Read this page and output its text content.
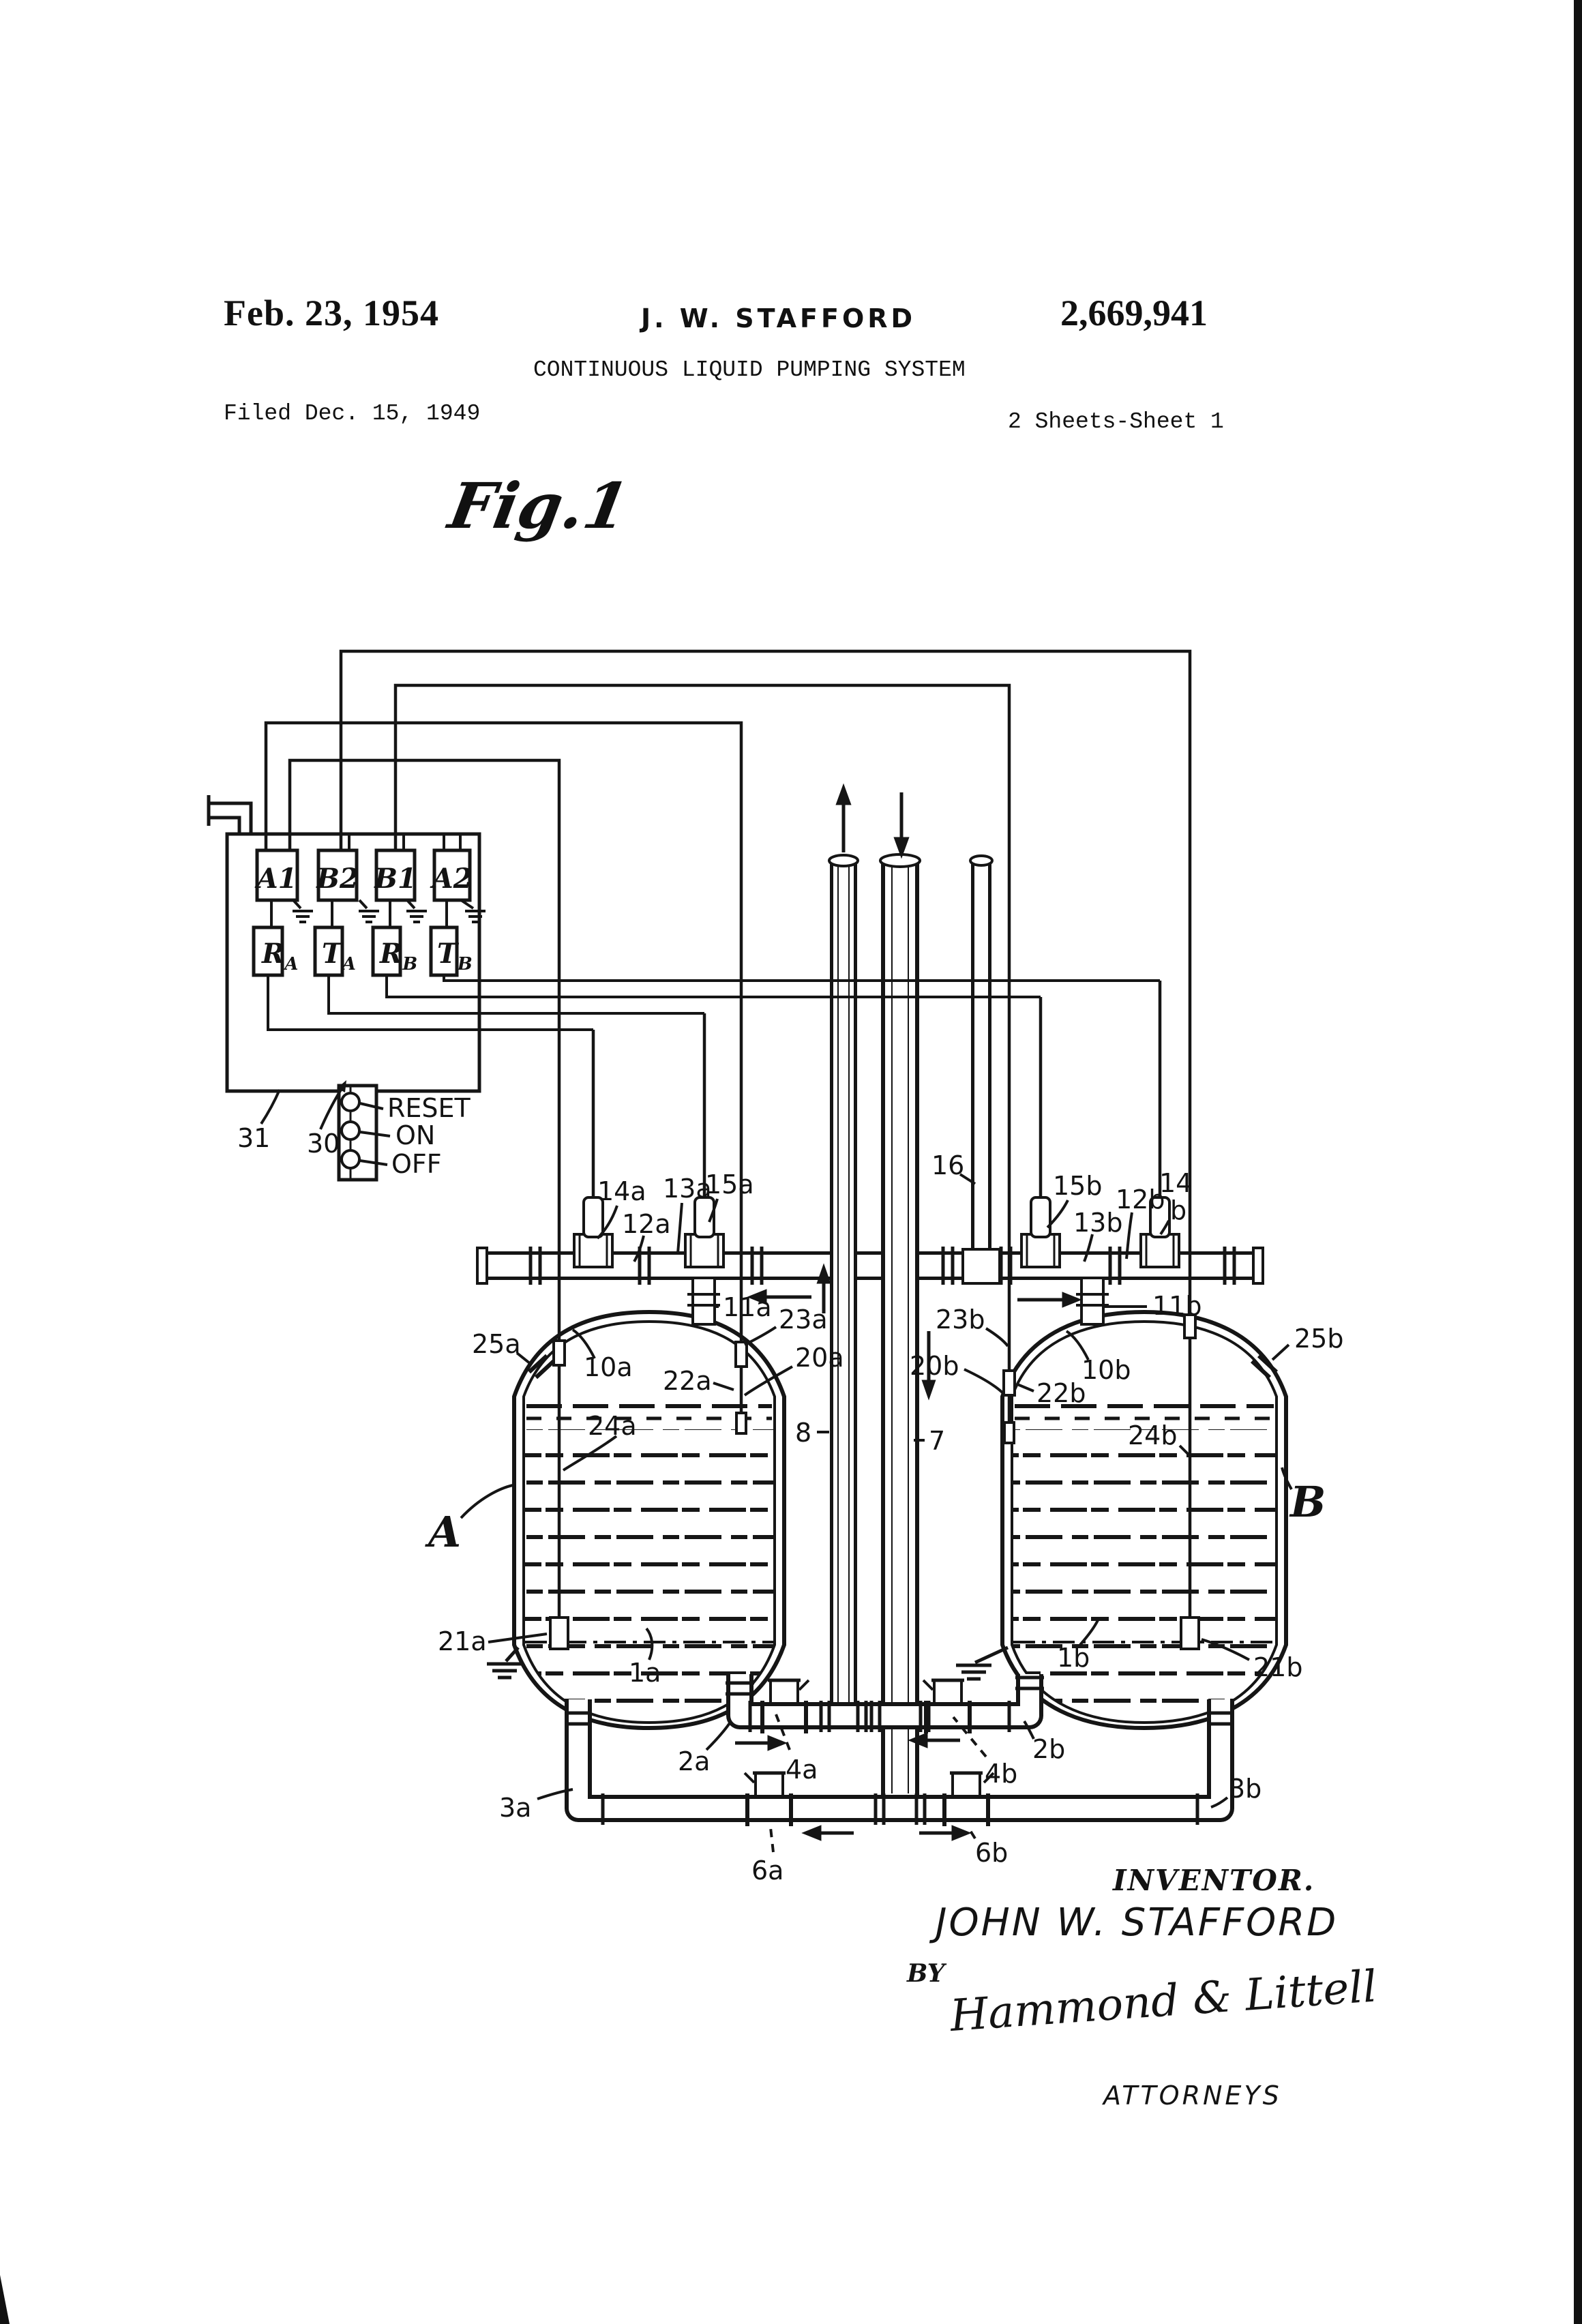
Feb. 23, 1954	J. W. STAFFORD	2,669,941
CONTINUOUS LIQUID PUMPING SYSTEM
Filed Dec. 15, 1949	2 Sheets-Sheet 1
Fig.1
A1 B2 B1 A2
$R_A$ $T_A$ $R_B$ $T_B$
RESET
ON
OFF
31 30
14a
12a
13a
15a
16
15b
13b
12b
14
b
25a
10a
11a 23a
20a
22a
23b
20b
22b
10b
11b
25b
24a	24b
A
B
8	7
21a
21b
1a	1b
2a	2b
3a
3b
4a	4b
6a
6b
INVENTOR.
JOHN W. STAFFORD
BY Hammond & Littell
ATTORNEYS
